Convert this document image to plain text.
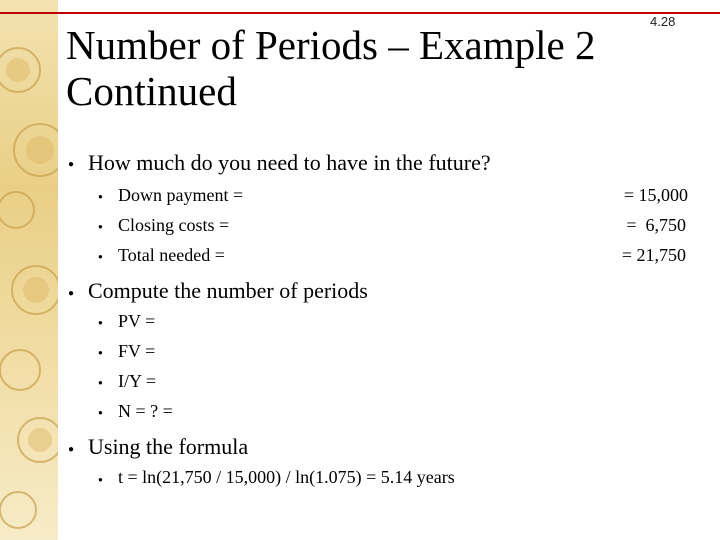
4.28
Number of Periods – Example 2 Continued
● How much do you need to have in the future?
● Down payment =	= 15,000
● Closing costs =	=  6,750
● Total needed =	= 21,750
● Compute the number of periods
● PV =
● FV =
● I/Y =
● N = ? =
● Using the formula
● t = ln(21,750 / 15,000) / ln(1.075) = 5.14 years
